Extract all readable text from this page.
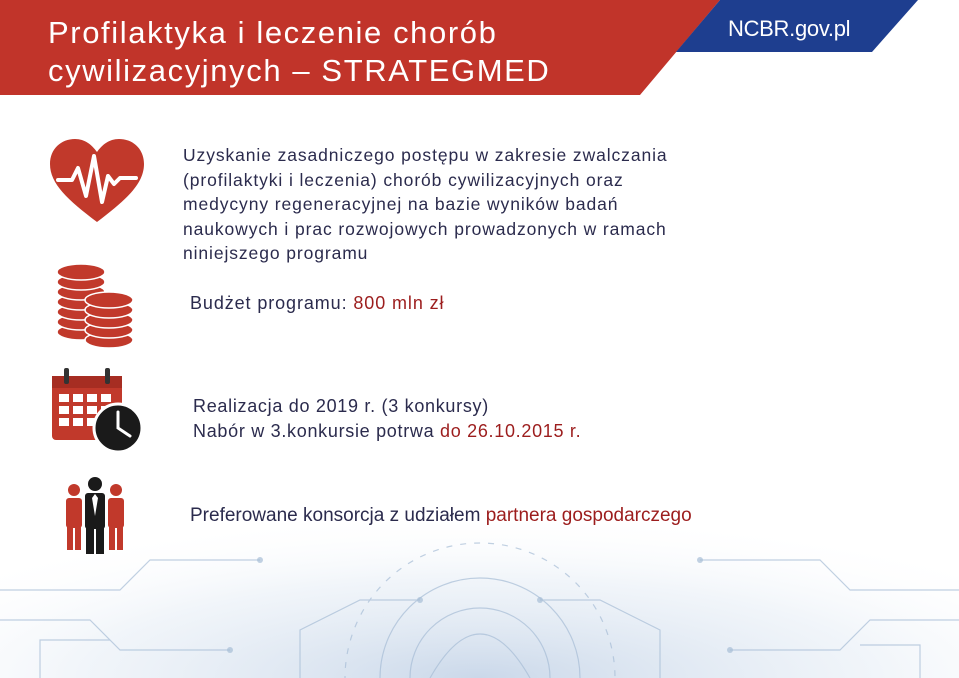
Profilaktyka i leczenie chorób
cywilizacyjnych – STRATEGMED
NCBR.gov.pl
Uzyskanie zasadniczego postępu w zakresie zwalczania
(profilaktyki i leczenia) chorób cywilizacyjnych oraz
medycyny regeneracyjnej na bazie wyników badań
naukowych i prac rozwojowych prowadzonych w ramach
niniejszego programu
Budżet programu: 800 mln zł
Realizacja do 2019 r. (3 konkursy)
Nabór w 3.konkursie potrwa do 26.10.2015 r.
Preferowane konsorcja z udziałem partnera gospodarczego
